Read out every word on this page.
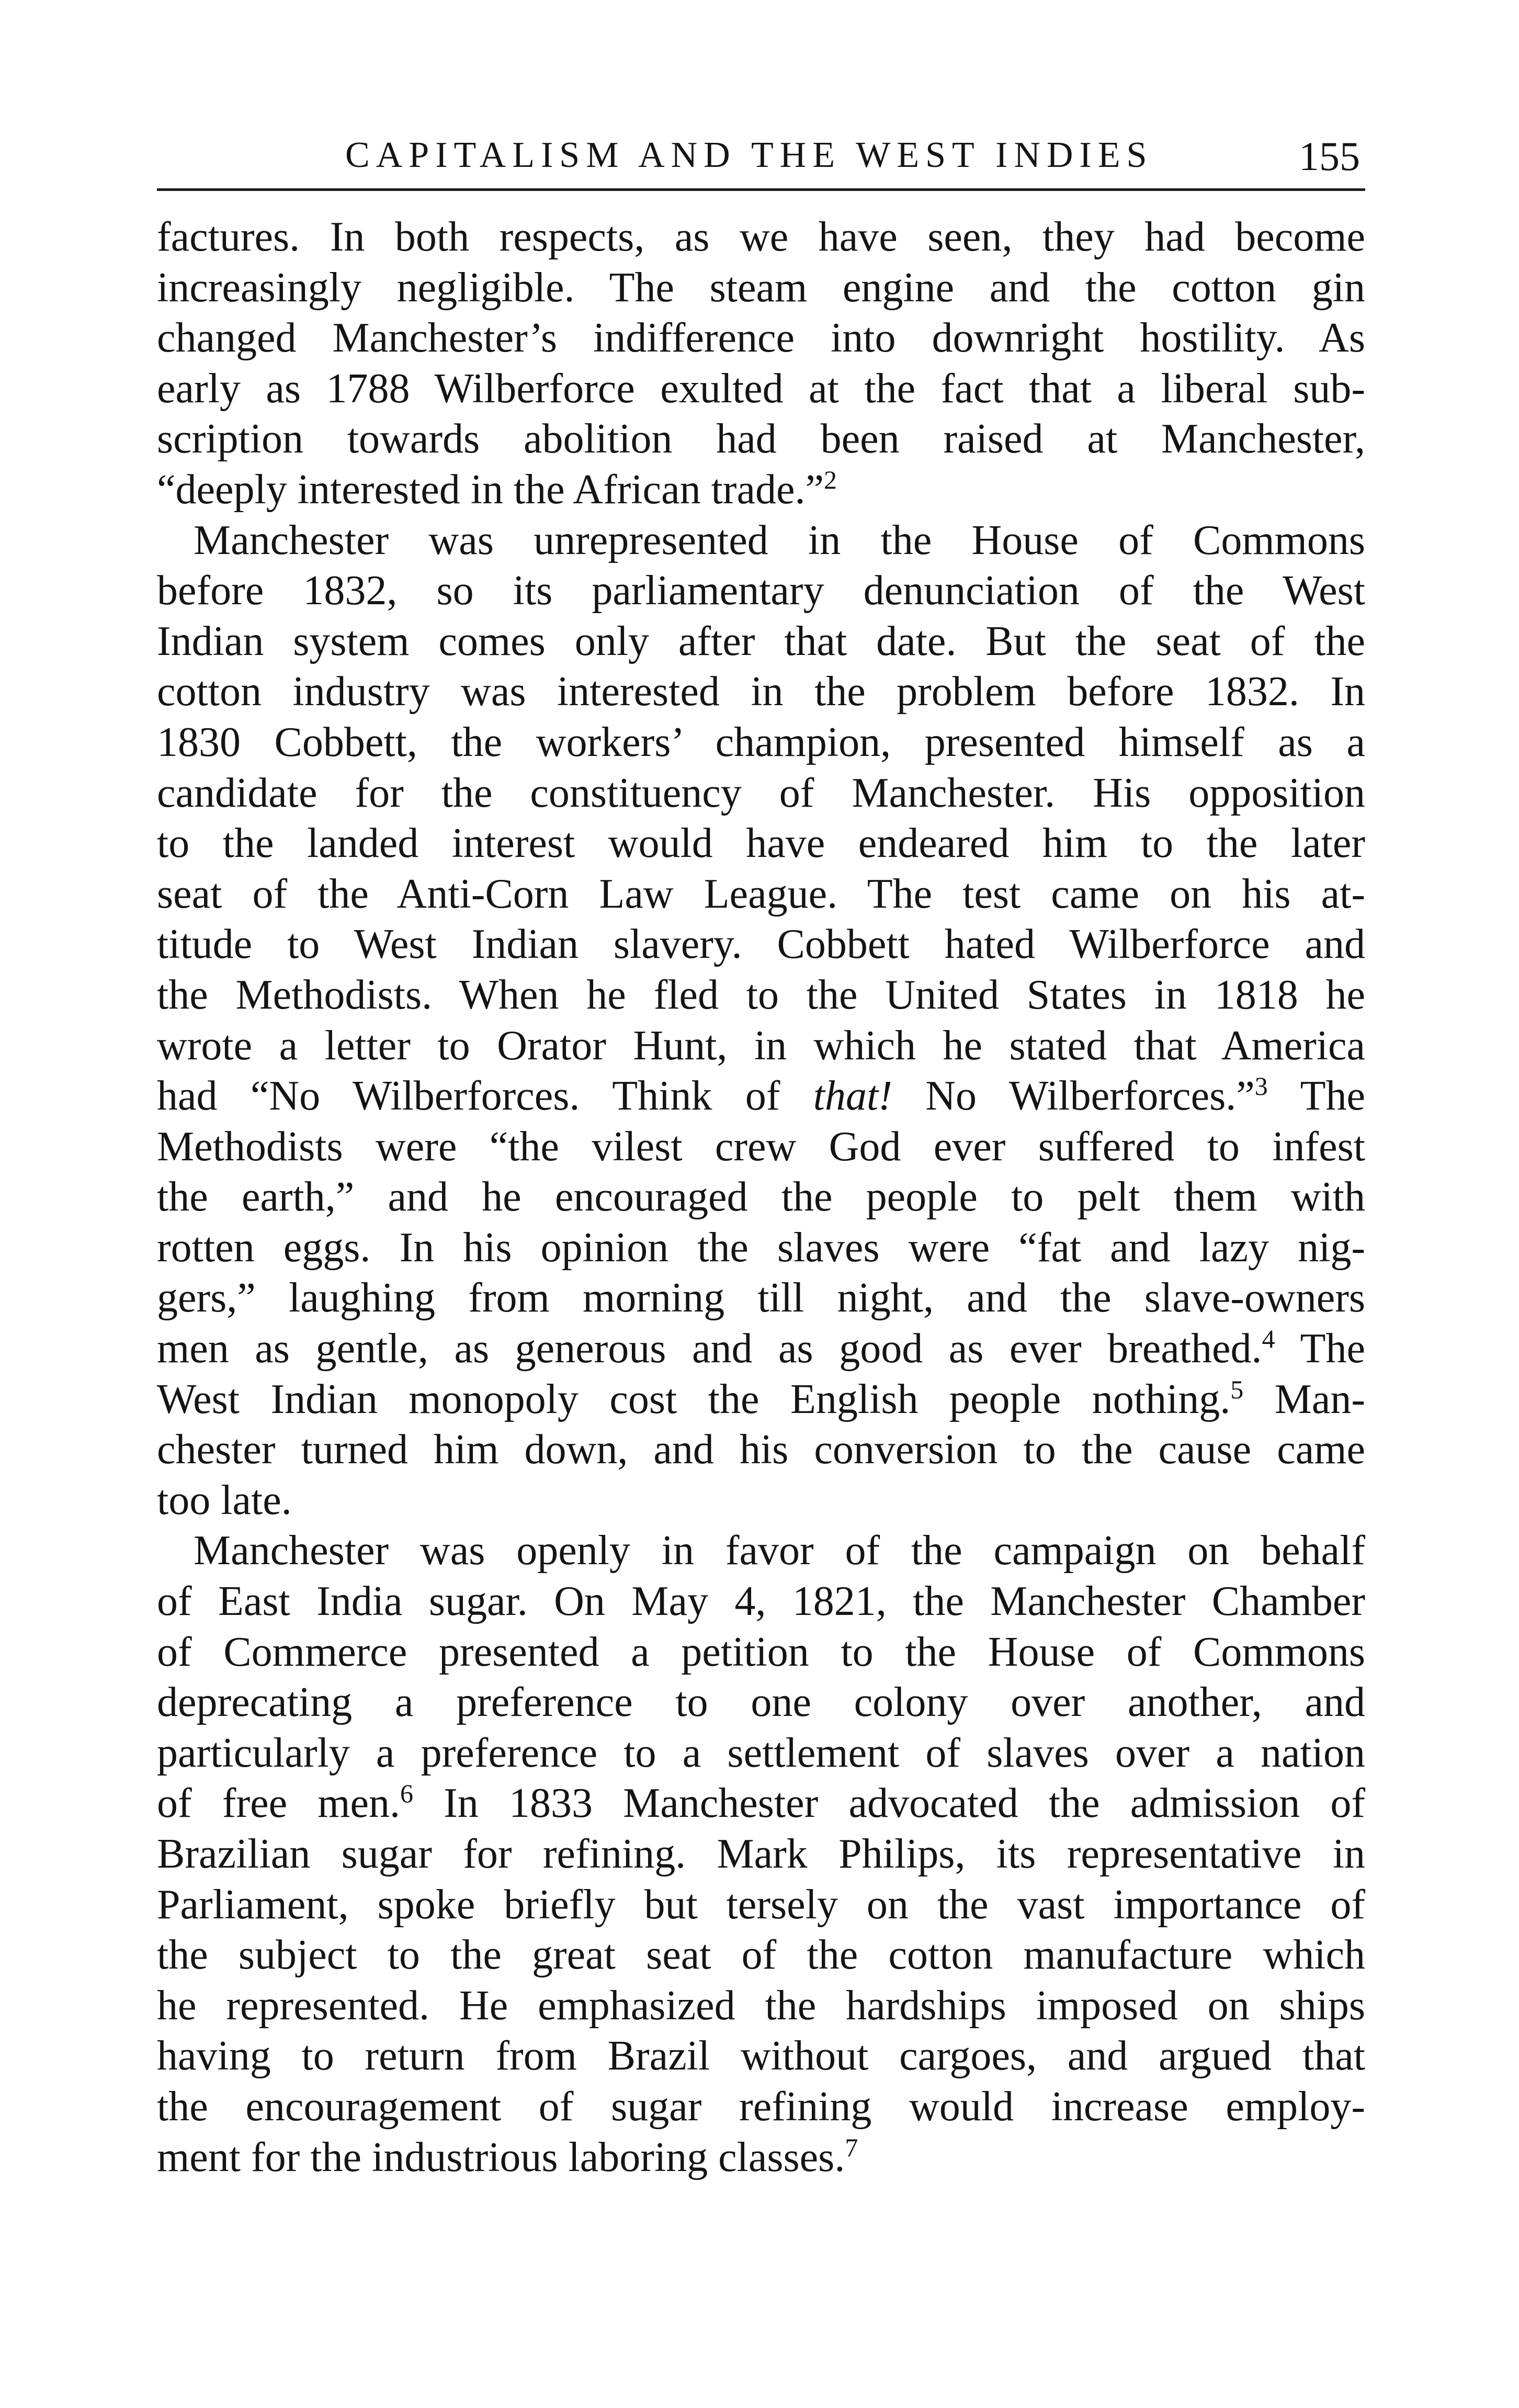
CAPITALISM AND THE WEST INDIES	155
factures. In both respects, as we have seen, they had become
increasingly negligible. The steam engine and the cotton gin
changed Manchester’s indifference into downright hostility. As
early as 1788 Wilberforce exulted at the fact that a liberal sub-
scription towards abolition had been raised at Manchester,
“deeply interested in the African trade.”$^2$
Manchester was unrepresented in the House of Commons
before 1832, so its parliamentary denunciation of the West
Indian system comes only after that date. But the seat of the
cotton industry was interested in the problem before 1832. In
1830 Cobbett, the workers’ champion, presented himself as a
candidate for the constituency of Manchester. His opposition
to the landed interest would have endeared him to the later
seat of the Anti-Corn Law League. The test came on his at-
titude to West Indian slavery. Cobbett hated Wilberforce and
the Methodists. When he fled to the United States in 1818 he
wrote a letter to Orator Hunt, in which he stated that America
had “No Wilberforces. Think of that! No Wilberforces.”$^3$ The
Methodists were “the vilest crew God ever suffered to infest
the earth,” and he encouraged the people to pelt them with
rotten eggs. In his opinion the slaves were “fat and lazy nig-
gers,” laughing from morning till night, and the slave-owners
men as gentle, as generous and as good as ever breathed.$^4$ The
West Indian monopoly cost the English people nothing.$^5$ Man-
chester turned him down, and his conversion to the cause came
too late.
Manchester was openly in favor of the campaign on behalf
of East India sugar. On May 4, 1821, the Manchester Chamber
of Commerce presented a petition to the House of Commons
deprecating a preference to one colony over another, and
particularly a preference to a settlement of slaves over a nation
of free men.$^6$ In 1833 Manchester advocated the admission of
Brazilian sugar for refining. Mark Philips, its representative in
Parliament, spoke briefly but tersely on the vast importance of
the subject to the great seat of the cotton manufacture which
he represented. He emphasized the hardships imposed on ships
having to return from Brazil without cargoes, and argued that
the encouragement of sugar refining would increase employ-
ment for the industrious laboring classes.$^7$
